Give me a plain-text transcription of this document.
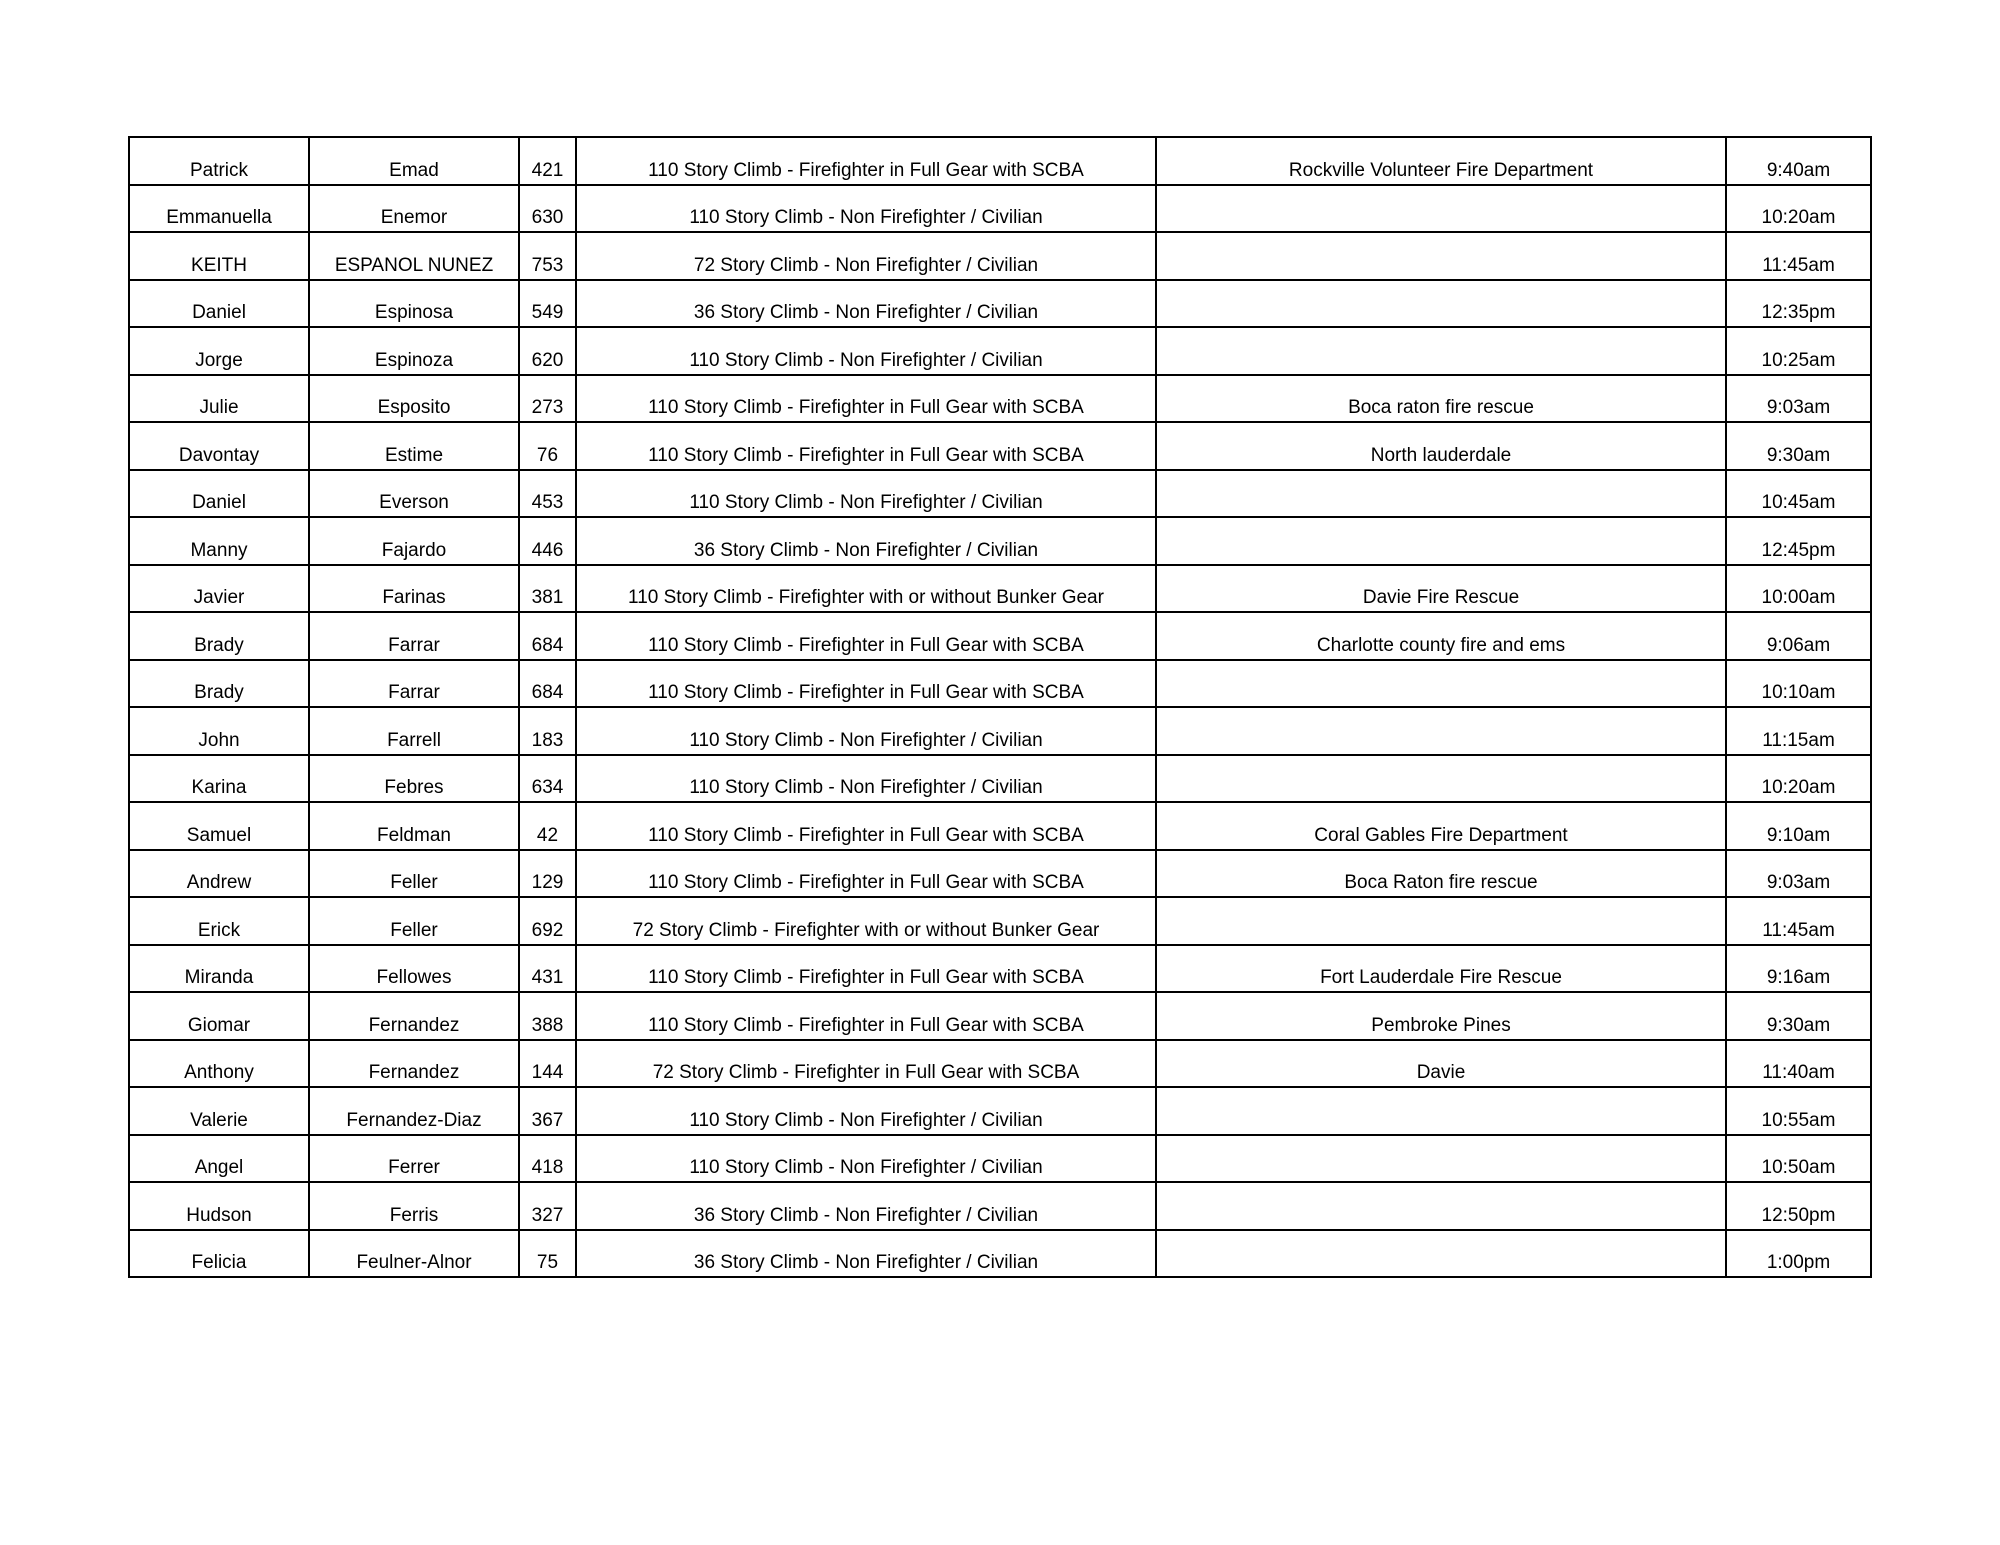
Patrick	Emad	421	110 Story Climb - Firefighter in Full Gear with SCBA	Rockville Volunteer Fire Department	9:40am
Emmanuella	Enemor	630	110 Story Climb - Non Firefighter / Civilian		10:20am
KEITH	ESPANOL NUNEZ	753	72 Story Climb - Non Firefighter / Civilian		11:45am
Daniel	Espinosa	549	36 Story Climb - Non Firefighter / Civilian		12:35pm
Jorge	Espinoza	620	110 Story Climb - Non Firefighter / Civilian		10:25am
Julie	Esposito	273	110 Story Climb - Firefighter in Full Gear with SCBA	Boca raton fire rescue	9:03am
Davontay	Estime	76	110 Story Climb - Firefighter in Full Gear with SCBA	North lauderdale	9:30am
Daniel	Everson	453	110 Story Climb - Non Firefighter / Civilian		10:45am
Manny	Fajardo	446	36 Story Climb - Non Firefighter / Civilian		12:45pm
Javier	Farinas	381	110 Story Climb - Firefighter with or without Bunker Gear	Davie Fire Rescue	10:00am
Brady	Farrar	684	110 Story Climb - Firefighter in Full Gear with SCBA	Charlotte county fire and ems	9:06am
Brady	Farrar	684	110 Story Climb - Firefighter in Full Gear with SCBA		10:10am
John	Farrell	183	110 Story Climb - Non Firefighter / Civilian		11:15am
Karina	Febres	634	110 Story Climb - Non Firefighter / Civilian		10:20am
Samuel	Feldman	42	110 Story Climb - Firefighter in Full Gear with SCBA	Coral Gables Fire Department	9:10am
Andrew	Feller	129	110 Story Climb - Firefighter in Full Gear with SCBA	Boca Raton fire rescue	9:03am
Erick	Feller	692	72 Story Climb - Firefighter with or without Bunker Gear		11:45am
Miranda	Fellowes	431	110 Story Climb - Firefighter in Full Gear with SCBA	Fort Lauderdale Fire Rescue	9:16am
Giomar	Fernandez	388	110 Story Climb - Firefighter in Full Gear with SCBA	Pembroke Pines	9:30am
Anthony	Fernandez	144	72 Story Climb - Firefighter in Full Gear with SCBA	Davie	11:40am
Valerie	Fernandez-Diaz	367	110 Story Climb - Non Firefighter / Civilian		10:55am
Angel	Ferrer	418	110 Story Climb - Non Firefighter / Civilian		10:50am
Hudson	Ferris	327	36 Story Climb - Non Firefighter / Civilian		12:50pm
Felicia	Feulner-Alnor	75	36 Story Climb - Non Firefighter / Civilian		1:00pm
